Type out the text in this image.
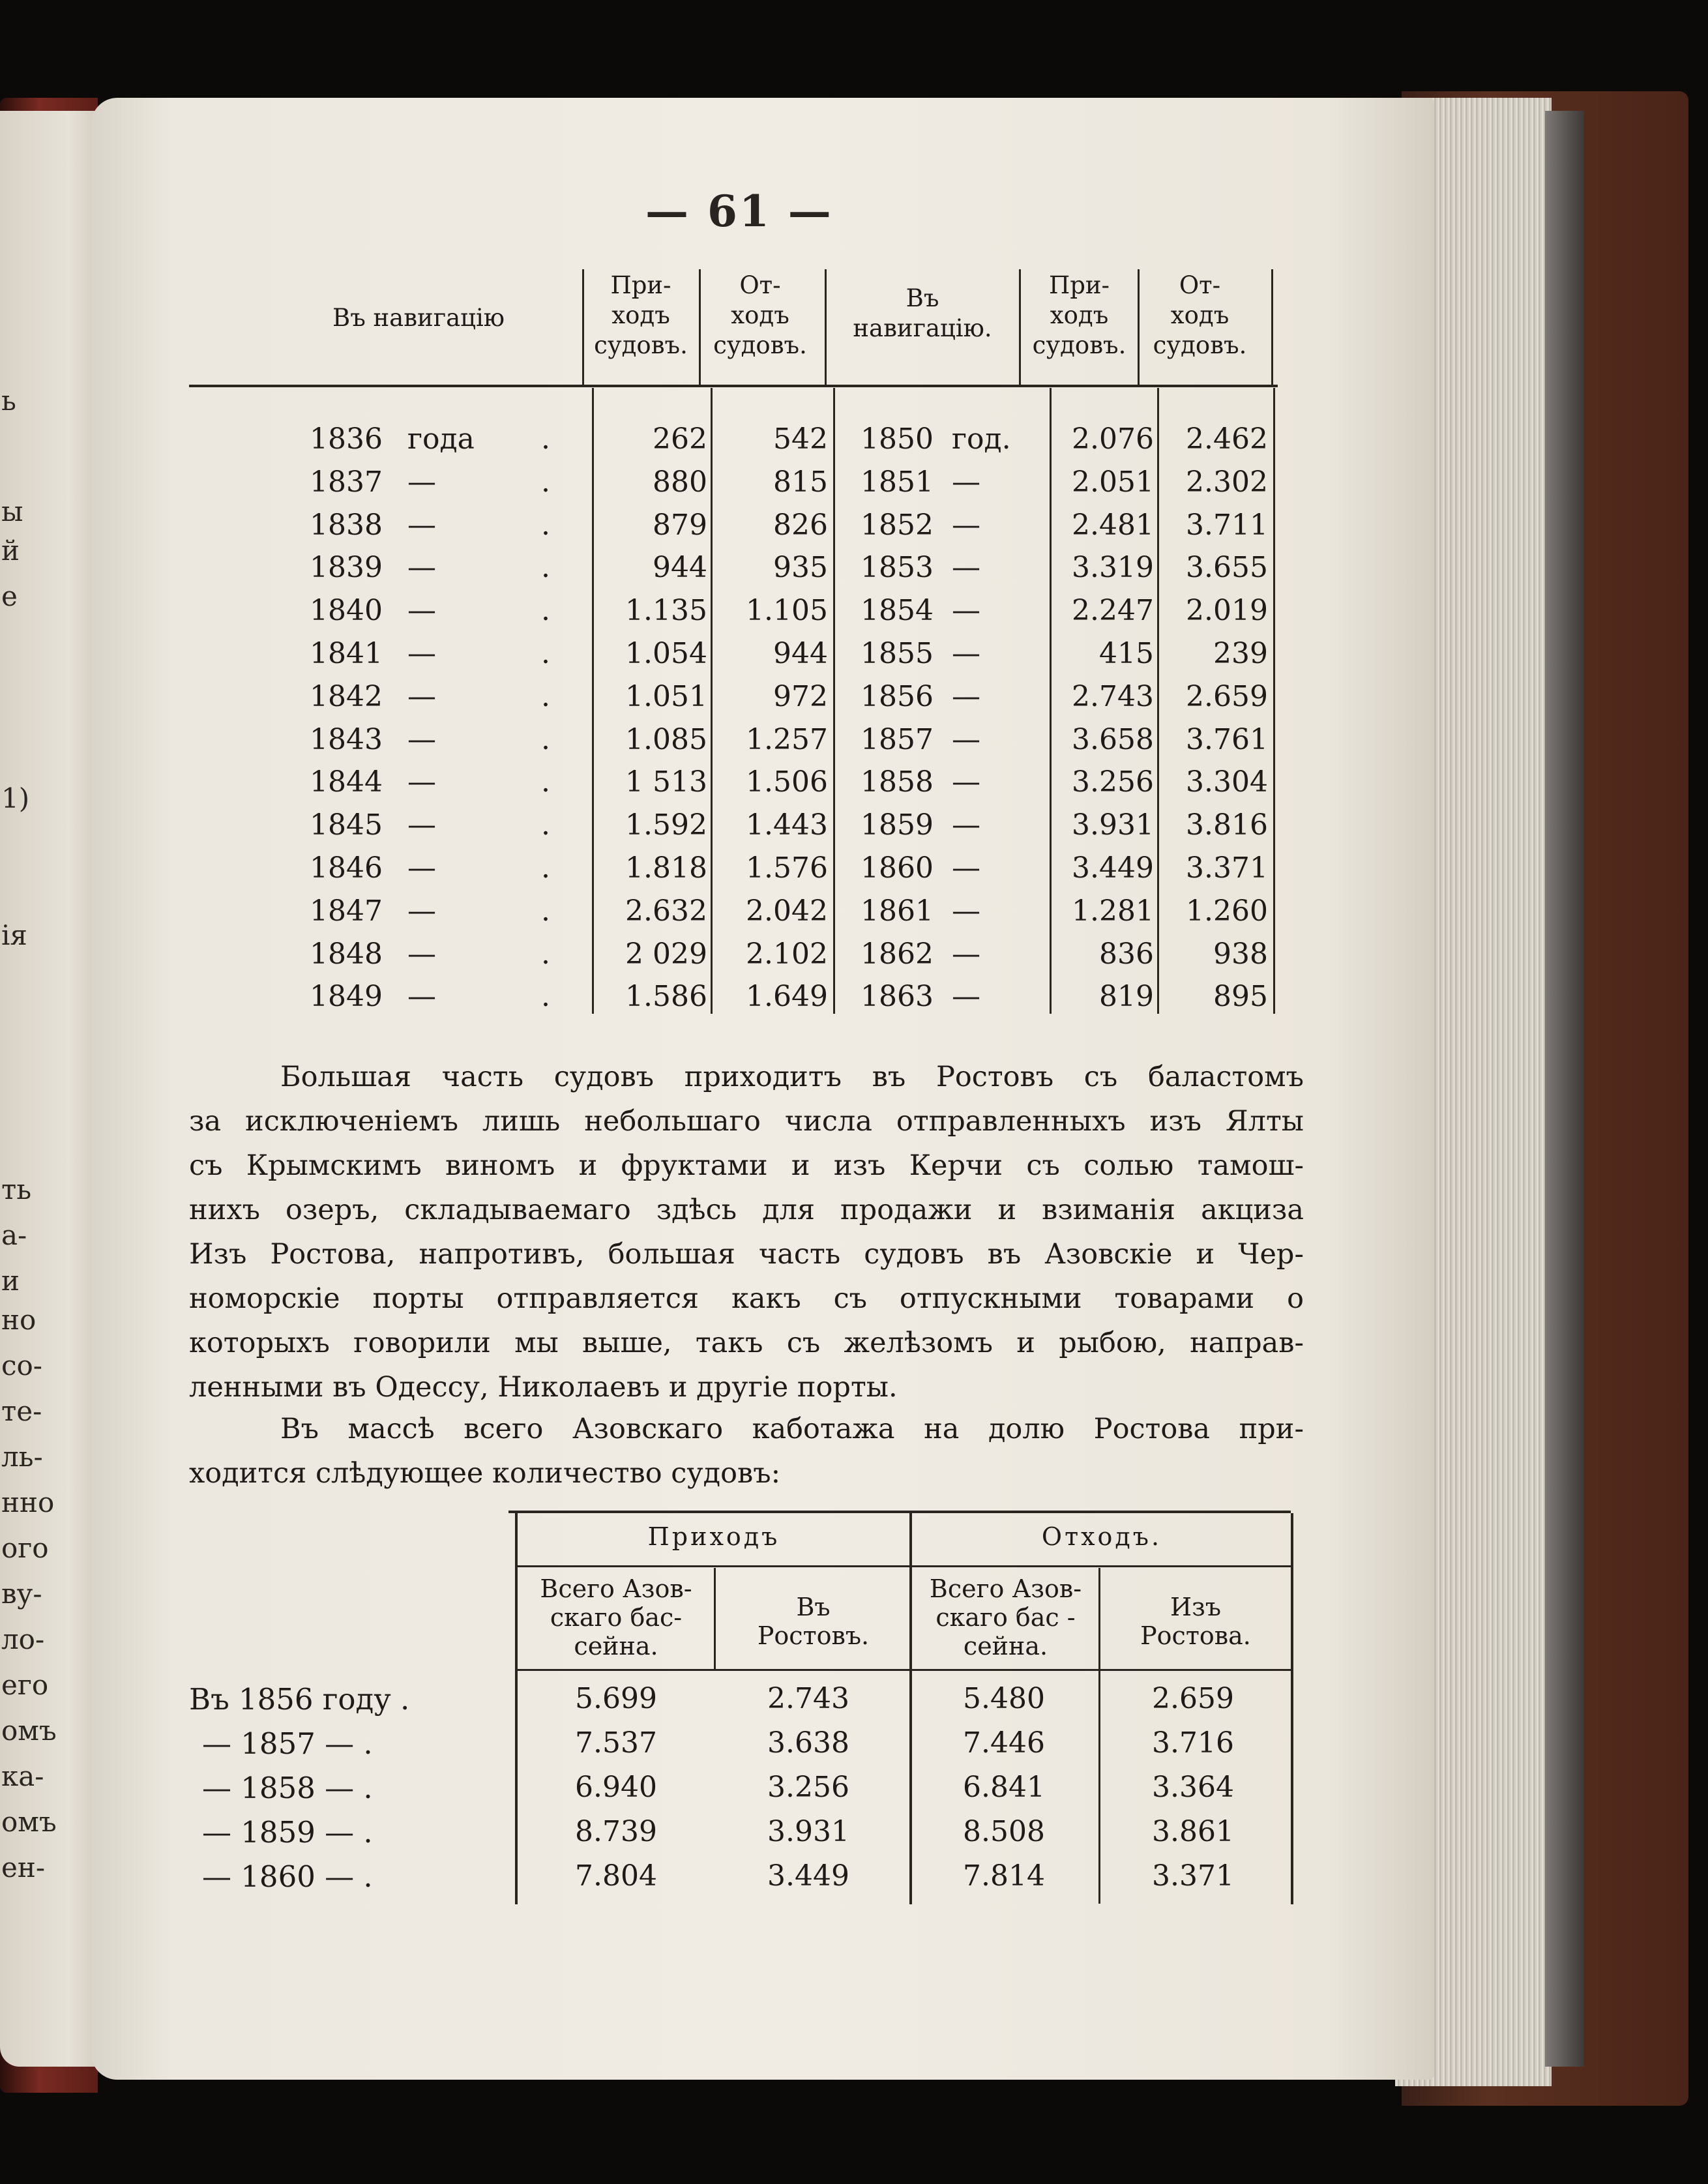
ь
ы
й
е
1)
ія
ть
а-
и
но
со-
те-
ль-
нно
ого
ву-
ло-
его
омъ
ка-
омъ
ен-
— 61 —
Въ навигацію
При-
ходъ
судовъ.
От-
ходъ
судовъ.
Въ
навигацію.
При-
ходъ
судовъ.
От-
ходъ
судовъ.
1836 года .	262	542 1850 год.	2.076	2.462
1837 —	.	880	815 1851 —	2.051	2.302
1838 —	.	879	826 1852 —	2.481	3.711
1839 —	.	944	935 1853 —	3.319	3.655
1840 —	.	1.135	1.105 1854 —	2.247	2.019
1841 —	.	1.054	944 1855 —	415	239
1842 —	.	1.051	972 1856 —	2.743	2.659
1843 —	.	1.085	1.257 1857 —	3.658	3.761
1844 —	.	1 513	1.506 1858 —	3.256	3.304
1845 —	.	1.592	1.443 1859 —	3.931	3.816
1846 —	.	1.818	1.576 1860 —	3.449	3.371
1847 —	.	2.632	2.042 1861 —	1.281	1.260
1848 —	.	2 029	2.102 1862 —	836	938
1849 —	.	1.586	1.649 1863 —	819	895
Большая часть судовъ приходитъ въ Ростовъ съ баластомъ
за исключеніемъ лишь небольшаго числа отправленныхъ изъ Ялты
съ Крымскимъ виномъ и фруктами и изъ Керчи съ солью тамош-
нихъ озеръ, складываемаго здѣсь для продажи и взиманія акциза
Изъ Ростова, напротивъ, большая часть судовъ въ Азовскіе и Чер-
номорскіе порты отправляется какъ съ отпускными товарами о
которыхъ говорили мы выше, такъ съ желѣзомъ и рыбою, направ-
ленными въ Одессу, Николаевъ и другіе порты.
Въ массѣ всего Азовскаго каботажа на долю Ростова при-
ходится слѣдующее количество судовъ:
Приходъ	Отходъ.
Всего Азов-
скаго бас-
сейна.
Въ
Ростовъ.
Всего Азов-
скаго бас -
сейна.
Изъ
Ростова.
Въ 1856 году .	5.699	2.743	5.480	2.659
— 1857 — .	7.537	3.638	7.446	3.716
— 1858 — .	6.940	3.256	6.841	3.364
— 1859 — .	8.739	3.931	8.508	3.861
— 1860 — .	7.804	3.449	7.814	3.371
